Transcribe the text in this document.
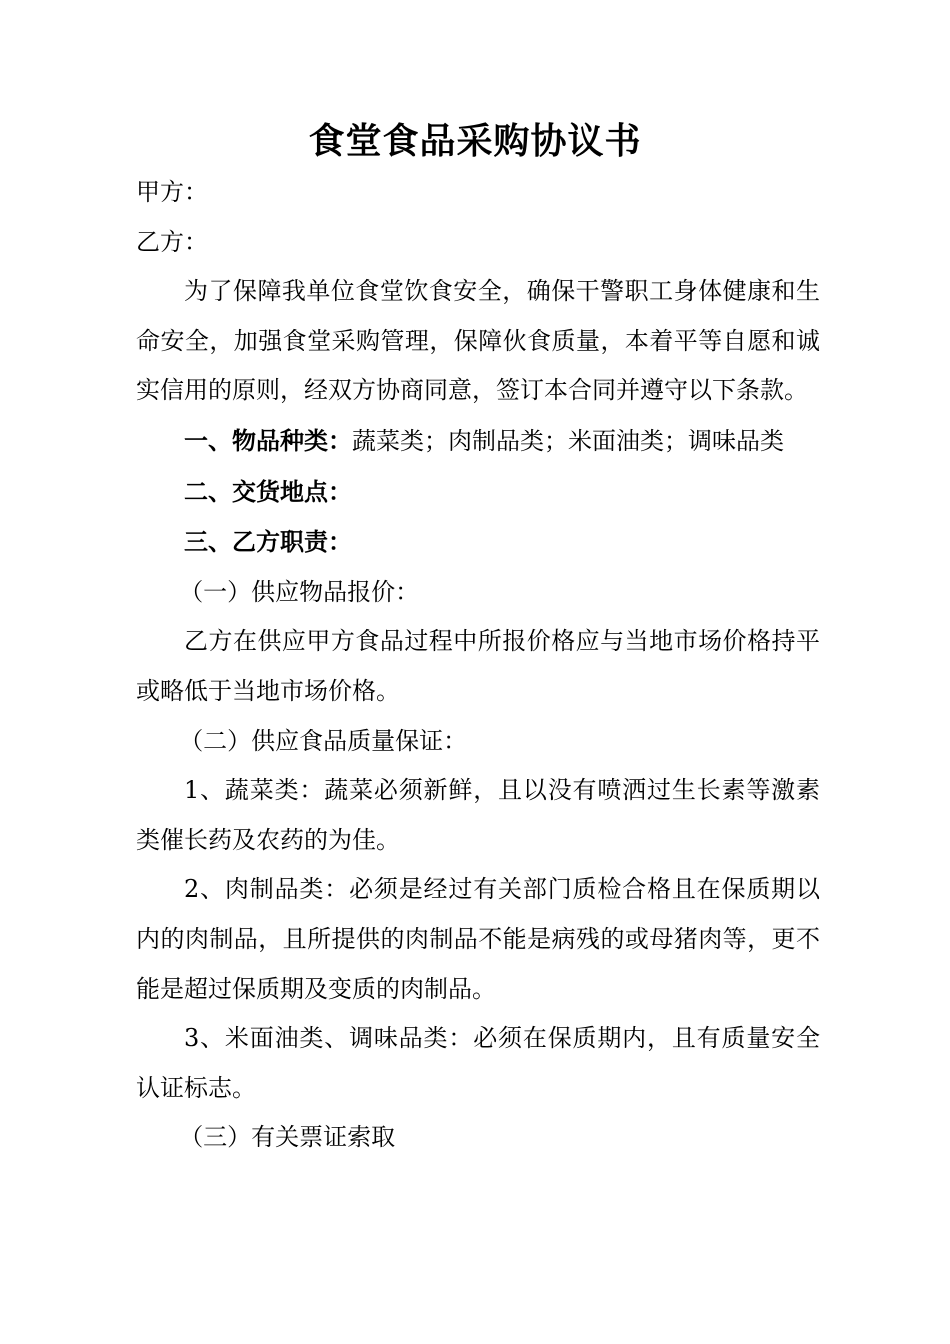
食堂食品采购协议书

甲方：

乙方：

为了保障我单位食堂饮食安全，确保干警职工身体健康和生命安全，加强食堂采购管理，保障伙食质量，本着平等自愿和诚实信用的原则，经双方协商同意，签订本合同并遵守以下条款。

一、物品种类：蔬菜类；肉制品类；米面油类；调味品类

二、交货地点：

三、乙方职责：

（一）供应物品报价：

乙方在供应甲方食品过程中所报价格应与当地市场价格持平或略低于当地市场价格。

（二）供应食品质量保证：

1、蔬菜类：蔬菜必须新鲜，且以没有喷洒过生长素等激素类催长药及农药的为佳。

2、肉制品类：必须是经过有关部门质检合格且在保质期以内的肉制品，且所提供的肉制品不能是病残的或母猪肉等，更不能是超过保质期及变质的肉制品。

3、米面油类、调味品类：必须在保质期内，且有质量安全认证标志。

（三）有关票证索取
